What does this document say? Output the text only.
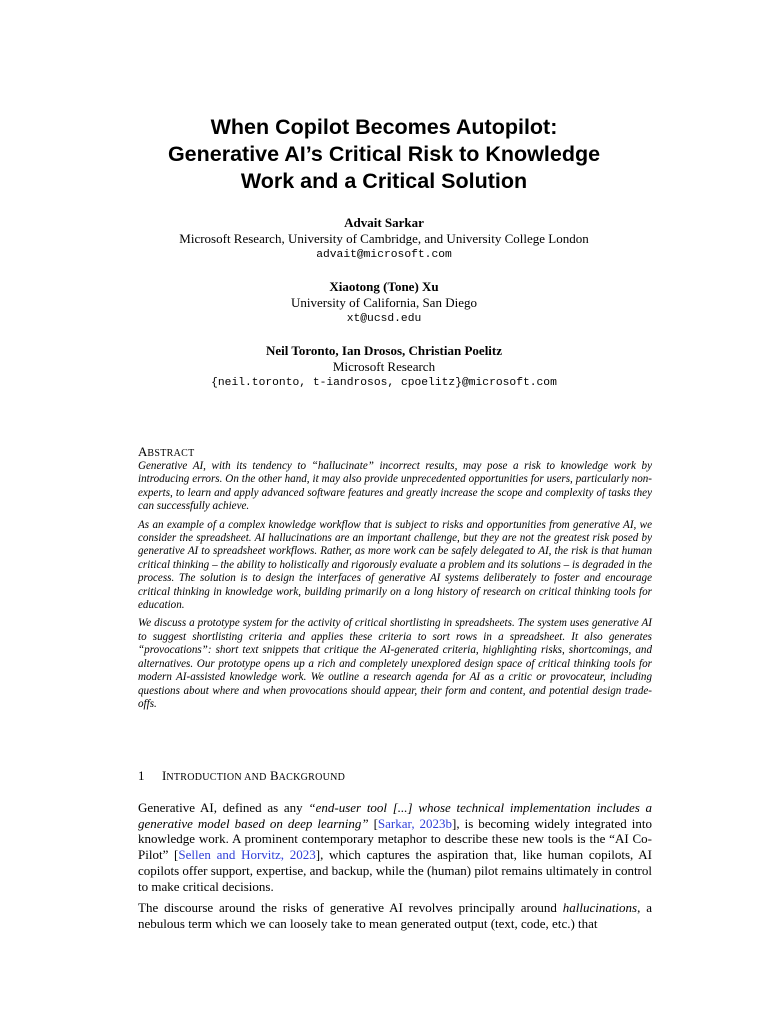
When Copilot Becomes Autopilot:
Generative AI’s Critical Risk to Knowledge
Work and a Critical Solution
Advait Sarkar
Microsoft Research, University of Cambridge, and University College London
advait@microsoft.com
Xiaotong (Tone) Xu
University of California, San Diego
xt@ucsd.edu
Neil Toronto, Ian Drosos, Christian Poelitz
Microsoft Research
{neil.toronto, t-iandrosos, cpoelitz}@microsoft.com
ABSTRACT

Generative AI, with its tendency to “hallucinate” incorrect results, may pose a risk to knowledge work by introducing errors. On the other hand, it may also provide unprecedented opportunities for users, particularly non-experts, to learn and apply advanced software features and greatly increase the scope and complexity of tasks they can successfully achieve.

As an example of a complex knowledge workflow that is subject to risks and opportunities from generative AI, we consider the spreadsheet. AI hallucinations are an important challenge, but they are not the greatest risk posed by generative AI to spreadsheet workflows. Rather, as more work can be safely delegated to AI, the risk is that human critical thinking – the ability to holistically and rigorously evaluate a problem and its solutions – is degraded in the process. The solution is to design the interfaces of generative AI systems deliberately to foster and encourage critical thinking in knowledge work, building primarily on a long history of research on critical thinking tools for education.

We discuss a prototype system for the activity of critical shortlisting in spreadsheets. The system uses generative AI to suggest shortlisting criteria and applies these criteria to sort rows in a spreadsheet. It also generates “provocations”: short text snippets that critique the AI-generated criteria, highlighting risks, shortcomings, and alternatives. Our prototype opens up a rich and completely unexplored design space of critical thinking tools for modern AI-assisted knowledge work. We outline a research agenda for AI as a critic or provocateur, including questions about where and when provocations should appear, their form and content, and potential design trade-offs.

1 INTRODUCTION AND BACKGROUND

Generative AI, defined as any “end-user tool [...] whose technical implementation includes a generative model based on deep learning” [Sarkar, 2023b], is becoming widely integrated into knowledge work. A prominent contemporary metaphor to describe these new tools is the “AI Co-Pilot” [Sellen and Horvitz, 2023], which captures the aspiration that, like human copilots, AI copilots offer support, expertise, and backup, while the (human) pilot remains ultimately in control to make critical decisions.

The discourse around the risks of generative AI revolves principally around hallucinations, a nebulous term which we can loosely take to mean generated output (text, code, etc.) that
